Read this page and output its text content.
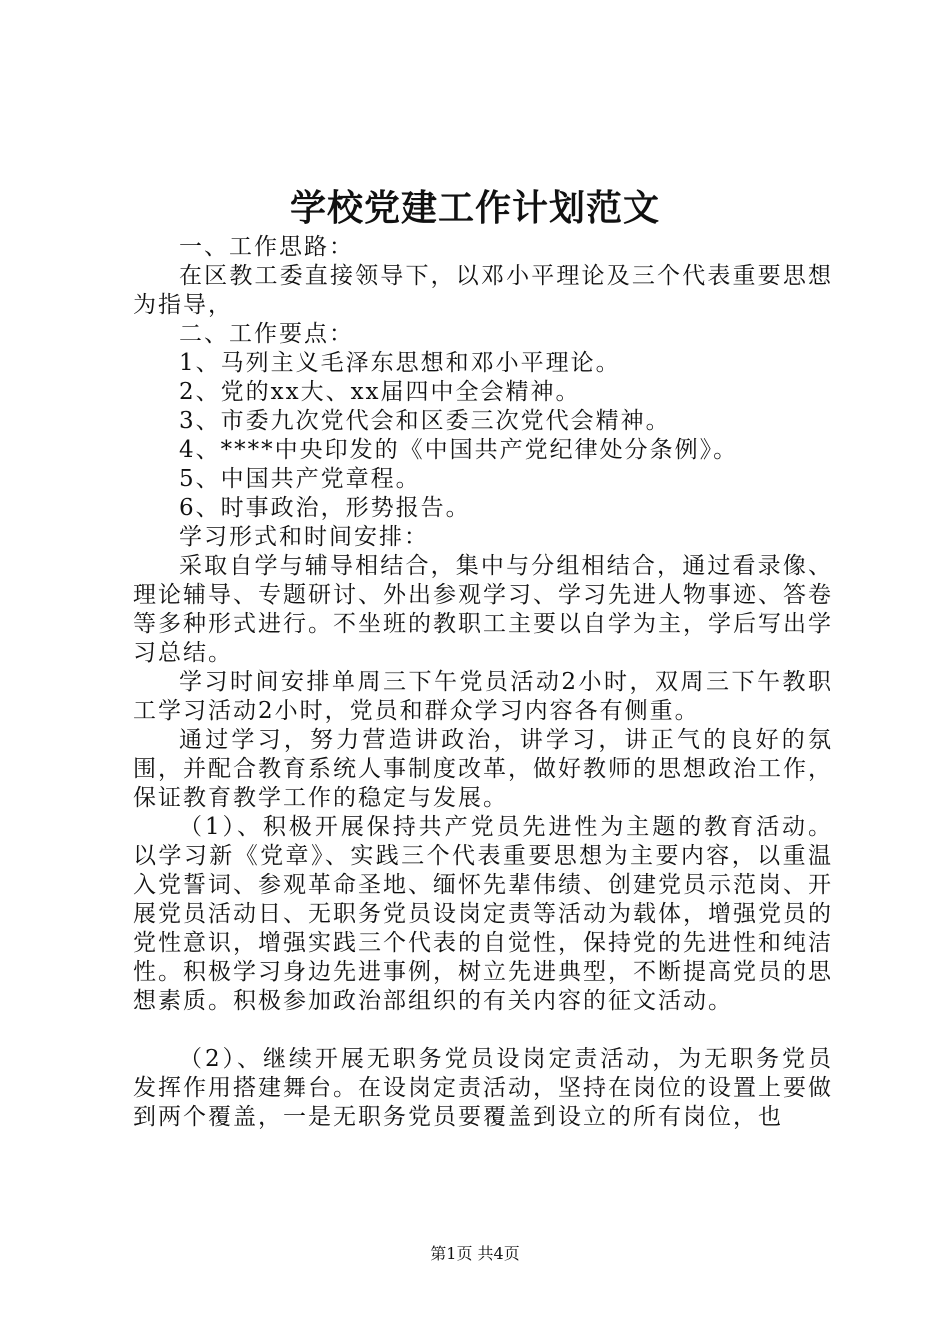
学校党建工作计划范文

一、工作思路：

在区教工委直接领导下，以邓小平理论及三个代表重要思想为指导，

二、工作要点：

1、马列主义毛泽东思想和邓小平理论。

2、党的xx大、xx届四中全会精神。

3、市委九次党代会和区委三次党代会精神。

4、****中央印发的《中国共产党纪律处分条例》。

5、中国共产党章程。

6、时事政治，形势报告。

学习形式和时间安排：

采取自学与辅导相结合，集中与分组相结合，通过看录像、理论辅导、专题研讨、外出参观学习、学习先进人物事迹、答卷等多种形式进行。不坐班的教职工主要以自学为主，学后写出学习总结。

学习时间安排单周三下午党员活动2小时，双周三下午教职工学习活动2小时，党员和群众学习内容各有侧重。

通过学习，努力营造讲政治，讲学习，讲正气的良好的氛围，并配合教育系统人事制度改革，做好教师的思想政治工作，保证教育教学工作的稳定与发展。

（1）、积极开展保持共产党员先进性为主题的教育活动。以学习新《党章》、实践三个代表重要思想为主要内容，以重温入党誓词、参观革命圣地、缅怀先辈伟绩、创建党员示范岗、开展党员活动日、无职务党员设岗定责等活动为载体，增强党员的党性意识，增强实践三个代表的自觉性，保持党的先进性和纯洁性。积极学习身边先进事例，树立先进典型，不断提高党员的思想素质。积极参加政治部组织的有关内容的征文活动。

（2）、继续开展无职务党员设岗定责活动，为无职务党员发挥作用搭建舞台。在设岗定责活动，坚持在岗位的设置上要做到两个覆盖，一是无职务党员要覆盖到设立的所有岗位，也

第1页 共4页
